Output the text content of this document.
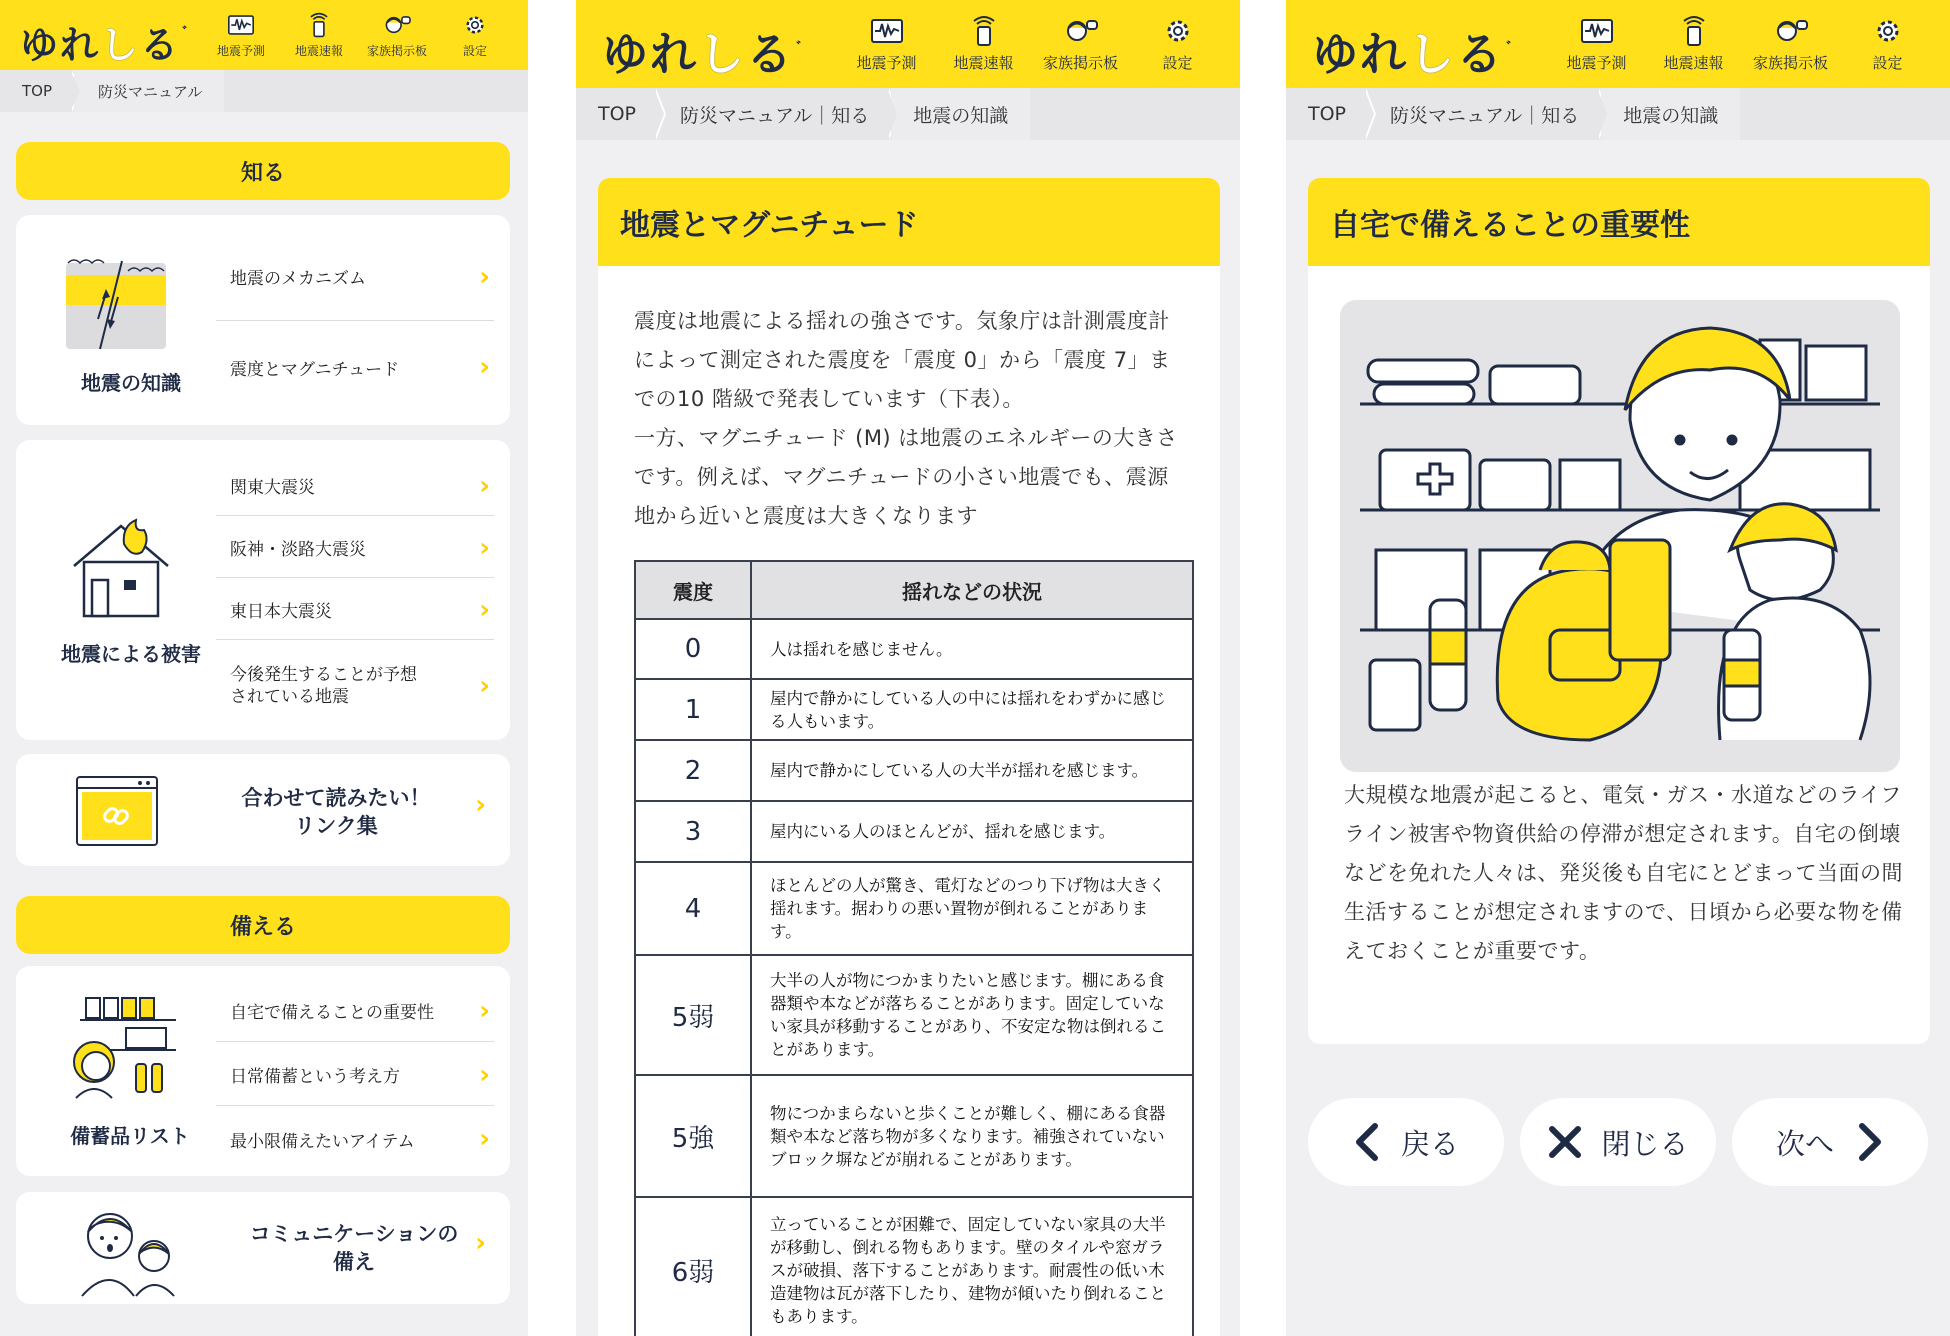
ゆれ し る ゛
地震予測 地震速報 家族掲示板	設定
TOP	防災マニュアル
知る
地震の知識
地震のメカニズム	›
震度とマグニチュード	›
地震による被害
関東大震災	›
阪神・淡路大震災	›
東日本大震災	›
今後発生することが予想
されている地震	›
合わせて読みたい！
リンク集
›
備える
備蓄品リスト
自宅で備えることの重要性 ›
日常備蓄という考え方	›
最小限備えたいアイテム ›
コミュニケーションの
備え
›
ゆれ し る ゛
地震予測 地震速報 家族掲示板	設定
TOP 防災マニュアル｜知る 地震の知識
地震とマグニチュード
震度は地震による揺れの強さです。気象庁は計測震度計によって測定された震度を「震度 0」から「震度 7」までの10 階級で発表しています（下表）。
一方、マグニチュード (M) は地震のエネルギーの大きさです。例えば、マグニチュードの小さい地震でも、震源地から近いと震度は大きくなります
震度	揺れなどの状況
0	人は揺れを感じません。
1	屋内で静かにしている人の中には揺れをわずかに感じる人もいます。
2	屋内で静かにしている人の大半が揺れを感じます。
3	屋内にいる人のほとんどが、揺れを感じます。
4	ほとんどの人が驚き、電灯などのつり下げ物は大きく揺れます。据わりの悪い置物が倒れることがあります。
5弱	大半の人が物につかまりたいと感じます。棚にある食器類や本などが落ちることがあります。固定していない家具が移動することがあり、不安定な物は倒れることがあります。
5強	物につかまらないと歩くことが難しく、棚にある食器類や本など落ち物が多くなります。補強されていないブロック塀などが崩れることがあります。
6弱	立っていることが困難で、固定していない家具の大半が移動し、倒れる物もあります。壁のタイルや窓ガラスが破損、落下することがあります。耐震性の低い木造建物は瓦が落下したり、建物が傾いたり倒れることもあります。
ゆれ し る ゛
地震予測 地震速報 家族掲示板	設定
TOP 防災マニュアル｜知る 地震の知識
自宅で備えることの重要性
大規模な地震が起こると、電気・ガス・水道などのライフライン被害や物資供給の停滞が想定されます。自宅の倒壊などを免れた人々は、発災後も自宅にとどまって当面の間生活することが想定されますので、日頃から必要な物を備えておくことが重要です。
戻る	閉じる	次へ
